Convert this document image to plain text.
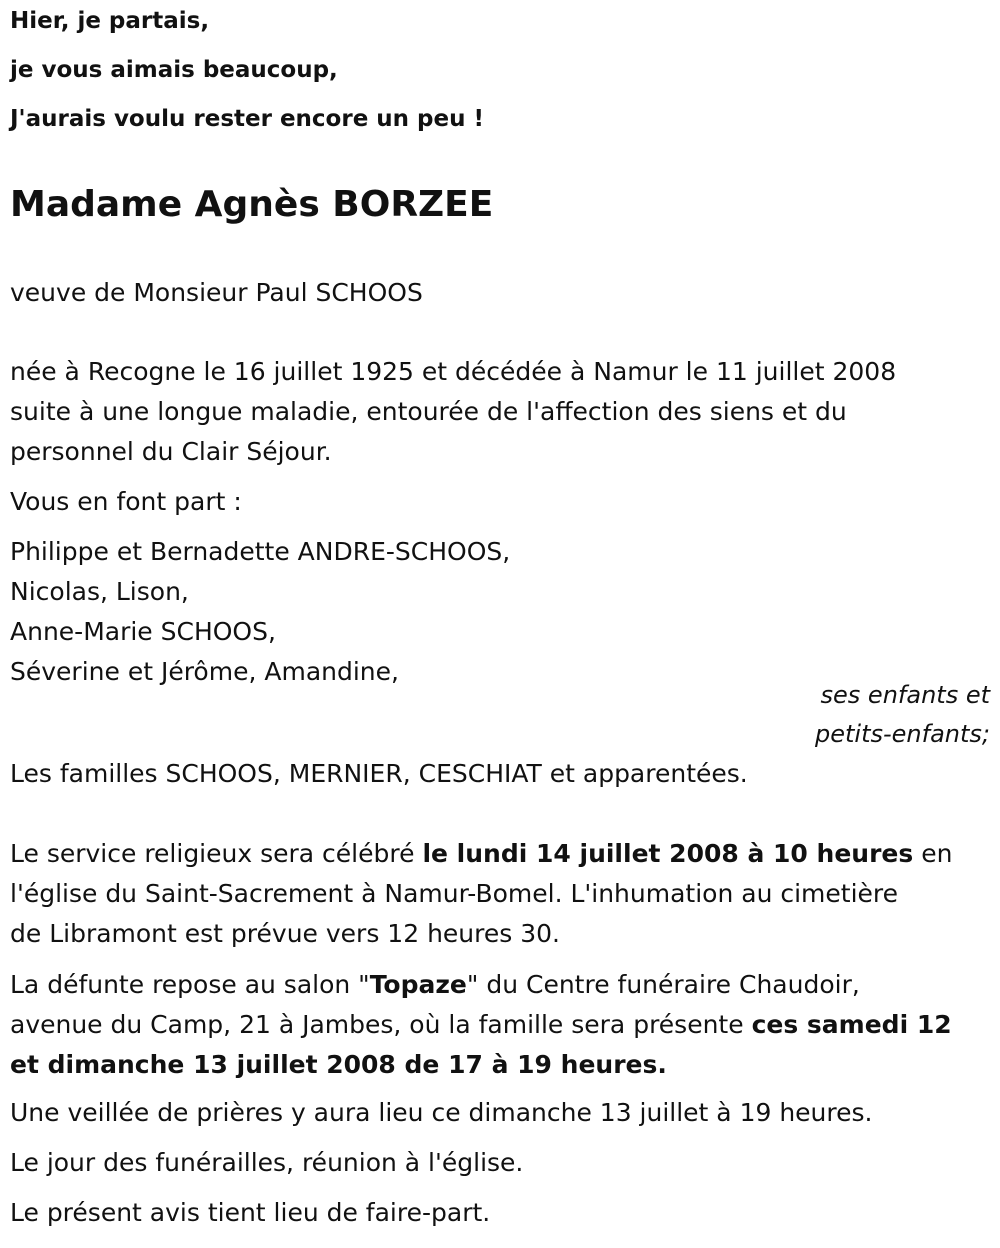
Hier, je partais,

je vous aimais beaucoup,

J'aurais voulu rester encore un peu !

Madame Agnès BORZEE

veuve de Monsieur Paul SCHOOS

née à Recogne le 16 juillet 1925 et décédée à Namur le 11 juillet 2008
suite à une longue maladie, entourée de l'affection des siens et du
personnel du Clair Séjour.

Vous en font part :

Philippe et Bernadette ANDRE-SCHOOS,
Nicolas, Lison,
Anne-Marie SCHOOS,
Séverine et Jérôme, Amandine,
ses enfants et
petits-enfants;

Les familles SCHOOS, MERNIER, CESCHIAT et apparentées.

Le service religieux sera célébré le lundi 14 juillet 2008 à 10 heures en
l'église du Saint-Sacrement à Namur-Bomel. L'inhumation au cimetière
de Libramont est prévue vers 12 heures 30.
La défunte repose au salon "Topaze" du Centre funéraire Chaudoir,
avenue du Camp, 21 à Jambes, où la famille sera présente ces samedi 12
et dimanche 13 juillet 2008 de 17 à 19 heures.

Une veillée de prières y aura lieu ce dimanche 13 juillet à 19 heures.

Le jour des funérailles, réunion à l'église.

Le présent avis tient lieu de faire-part.
